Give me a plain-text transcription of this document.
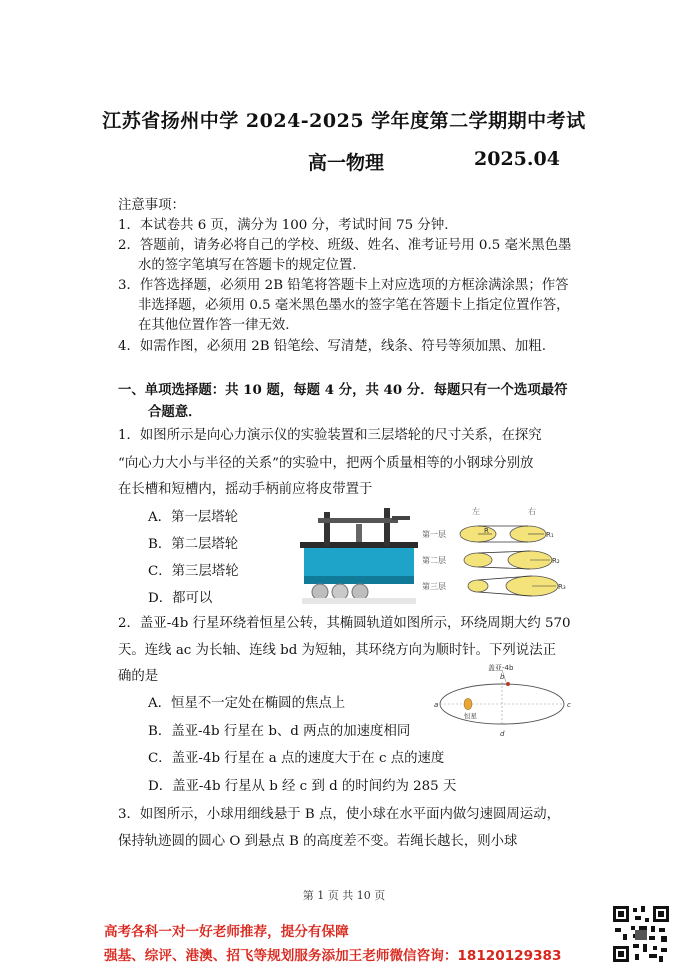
江苏省扬州中学 2024-2025 学年度第二学期期中考试
高一物理	2025.04
注意事项：
1．本试卷共 6 页，满分为 100 分，考试时间 75 分钟.
2．答题前，请务必将自己的学校、班级、姓名、准考证号用 0.5 毫米黑色墨
水的签字笔填写在答题卡的规定位置.
3．作答选择题，必须用 2B 铅笔将答题卡上对应选项的方框涂满涂黑；作答
非选择题，必须用 0.5 毫米黑色墨水的签字笔在答题卡上指定位置作答，
在其他位置作答一律无效.
4．如需作图，必须用 2B 铅笔绘、写清楚，线条、符号等须加黑、加粗.
一、单项选择题：共 10 题，每题 4 分，共 40 分．每题只有一个选项最符
合题意．
1．如图所示是向心力演示仪的实验装置和三层塔轮的尺寸关系，在探究
“向心力大小与半径的关系”的实验中，把两个质量相等的小钢球分别放
在长槽和短槽内，摇动手柄前应将皮带置于
A．第一层塔轮
B．第二层塔轮
C．第三层塔轮
D．都可以
左	右
第一层
第二层
第三层
R	R₁
R₂
R₃
2．盖亚-4b 行星环绕着恒星公转，其椭圆轨道如图所示，环绕周期大约 570
天。连线 ac 为长轴、连线 bd 为短轴，其环绕方向为顺时针。下列说法正
确的是
A．恒星不一定处在椭圆的焦点上
B．盖亚-4b 行星在 b、d 两点的加速度相同
C．盖亚-4b 行星在 a 点的速度大于在 c 点的速度
D．盖亚-4b 行星从 b 经 c 到 d 的时间约为 285 天
盖亚-4b
恒星
a
b
c
d
3．如图所示，小球用细线悬于 B 点，使小球在水平面内做匀速圆周运动，
保持轨迹圆的圆心 O 到悬点 B 的高度差不变。若绳长越长，则小球
第 1 页 共 10 页
高考各科一对一好老师推荐，提分有保障
强基、综评、港澳、招飞等规划服务添加王老师微信咨询：18120129383
